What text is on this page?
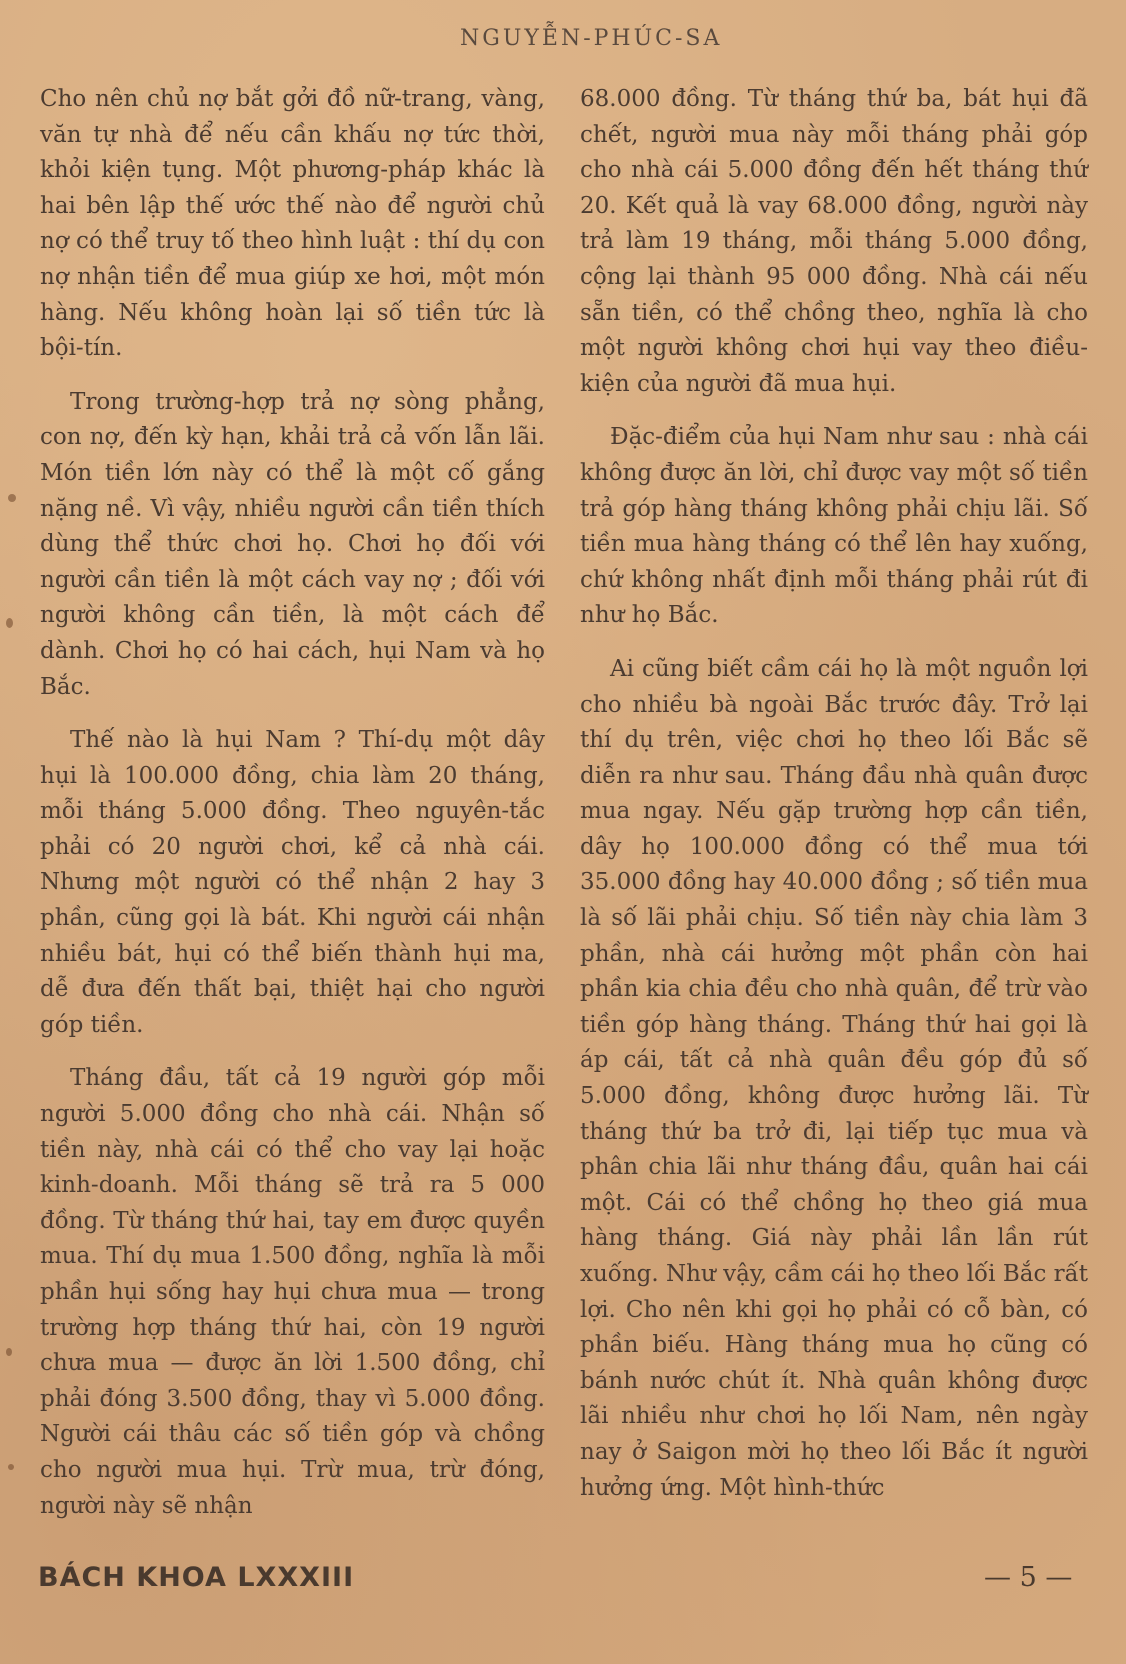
NGUYỄN-PHÚC-SA

Cho nên chủ nợ bắt gởi đồ nữ-trang, vàng, văn tự nhà để nếu cần khấu nợ tức thời, khỏi kiện tụng. Một phương-pháp khác là hai bên lập thế ước thế nào để người chủ nợ có thể truy tố theo hình luật : thí dụ con nợ nhận tiền để mua giúp xe hơi, một món hàng. Nếu không hoàn lại số tiền tức là bội-tín.

Trong trường-hợp trả nợ sòng phẳng, con nợ, đến kỳ hạn, khải trả cả vốn lẫn lãi. Món tiền lớn này có thể là một cố gắng nặng nề. Vì vậy, nhiều người cần tiền thích dùng thể thức chơi họ. Chơi họ đối với người cần tiền là một cách vay nợ ; đối với người không cần tiền, là một cách để dành. Chơi họ có hai cách, hụi Nam và họ Bắc.

Thế nào là hụi Nam ? Thí-dụ một dây hụi là 100.000 đồng, chia làm 20 tháng, mỗi tháng 5.000 đồng. Theo nguyên-tắc phải có 20 người chơi, kể cả nhà cái. Nhưng một người có thể nhận 2 hay 3 phần, cũng gọi là bát. Khi người cái nhận nhiều bát, hụi có thể biến thành hụi ma, dễ đưa đến thất bại, thiệt hại cho người góp tiền.

Tháng đầu, tất cả 19 người góp mỗi người 5.000 đồng cho nhà cái. Nhận số tiền này, nhà cái có thể cho vay lại hoặc kinh-doanh. Mỗi tháng sẽ trả ra 5 000 đồng. Từ tháng thứ hai, tay em được quyền mua. Thí dụ mua 1.500 đồng, nghĩa là mỗi phần hụi sống hay hụi chưa mua — trong trường hợp tháng thứ hai, còn 19 người chưa mua — được ăn lời 1.500 đồng, chỉ phải đóng 3.500 đồng, thay vì 5.000 đồng. Người cái thâu các số tiền góp và chồng cho người mua hụi. Trừ mua, trừ đóng, người này sẽ nhận

68.000 đồng. Từ tháng thứ ba, bát hụi đã chết, người mua này mỗi tháng phải góp cho nhà cái 5.000 đồng đến hết tháng thứ 20. Kết quả là vay 68.000 đồng, người này trả làm 19 tháng, mỗi tháng 5.000 đồng, cộng lại thành 95 000 đồng. Nhà cái nếu sẵn tiền, có thể chồng theo, nghĩa là cho một người không chơi hụi vay theo điều-kiện của người đã mua hụi.

Đặc-điểm của hụi Nam như sau : nhà cái không được ăn lời, chỉ được vay một số tiền trả góp hàng tháng không phải chịu lãi. Số tiền mua hàng tháng có thể lên hay xuống, chứ không nhất định mỗi tháng phải rút đi như họ Bắc.

Ai cũng biết cầm cái họ là một nguồn lợi cho nhiều bà ngoài Bắc trước đây. Trở lại thí dụ trên, việc chơi họ theo lối Bắc sẽ diễn ra như sau. Tháng đầu nhà quân được mua ngay. Nếu gặp trường hợp cần tiền, dây họ 100.000 đồng có thể mua tới 35.000 đồng hay 40.000 đồng ; số tiền mua là số lãi phải chịu. Số tiền này chia làm 3 phần, nhà cái hưởng một phần còn hai phần kia chia đều cho nhà quân, để trừ vào tiền góp hàng tháng. Tháng thứ hai gọi là áp cái, tất cả nhà quân đều góp đủ số 5.000 đồng, không được hưởng lãi. Từ tháng thứ ba trở đi, lại tiếp tục mua và phân chia lãi như tháng đầu, quân hai cái một. Cái có thể chồng họ theo giá mua hàng tháng. Giá này phải lần lần rút xuống. Như vậy, cầm cái họ theo lối Bắc rất lợi. Cho nên khi gọi họ phải có cỗ bàn, có phần biếu. Hàng tháng mua họ cũng có bánh nước chút ít. Nhà quân không được lãi nhiều như chơi họ lối Nam, nên ngày nay ở Saigon mời họ theo lối Bắc ít người hưởng ứng. Một hình-thức

BÁCH KHOA LXXXIII	— 5 —
